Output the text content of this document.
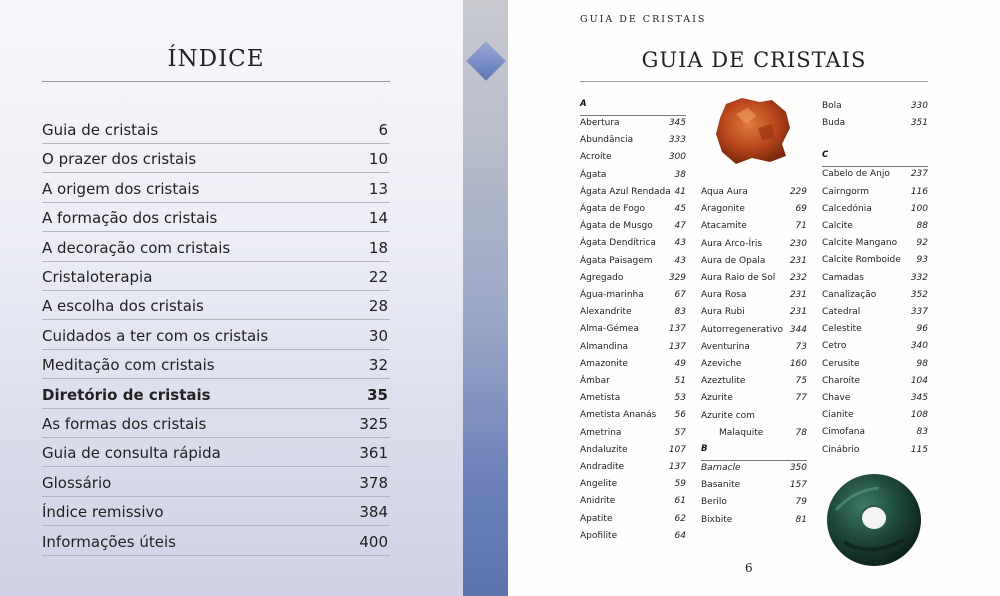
ÍNDICE
Guia de cristais	6
O prazer dos cristais	10
A origem dos cristais	13
A formação dos cristais	14
A decoração com cristais	18
Cristaloterapia	22
A escolha dos cristais	28
Cuidados a ter com os cristais	30
Meditação com cristais	32
Diretório de cristais	35
As formas dos cristais	325
Guia de consulta rápida	361
Glossário	378
Índice remissivo	384
Informações úteis	400
GUIA DE CRISTAIS
GUIA DE CRISTAIS
A
Abertura	345
Abundância	333
Acroíte	300
Ágata	38
Ágata Azul Rendada 41
Ágata de Fogo	45
Ágata de Musgo 47
Ágata Dendítrica 43
Ágata Paisagem 43
Agregado	329
Água-marinha	67
Alexandrite	83
Alma-Gémea	137
Almandina	137
Amazonite	49
Âmbar	51
Ametista	53
Ametista Ananás 56
Ametrina	57
Andaluzite	107
Andradite	137
Angelite	59
Anidrite	61
Apatite	62
Apofilite	64
Aqua Aura	229
Aragonite	69
Atacamite	71
Aura Arco-Íris	230
Aura de Opala	231
Aura Raio de Sol 232
Aura Rosa	231
Aura Rubi	231
Autorregenerativo 344
Aventurina	73
Azeviche	160
Azeztulite	75
Azurite	77
Azurite com
Malaquite	78
B
Barnacle	350
Basanite	157
Berilo	79
Bixbite	81
Bola	330
Buda	351
C
Cabelo de Anjo 237
Cairngorm	116
Calcedónia	100
Calcite	88
Calcite Mangano 92
Calcite Romboide 93
Camadas	332
Canalização	352
Catedral	337
Celestite	96
Cetro	340
Cerusite	98
Charoíte	104
Chave	345
Cianite	108
Cimofana	83
Cinábrio	115
6
